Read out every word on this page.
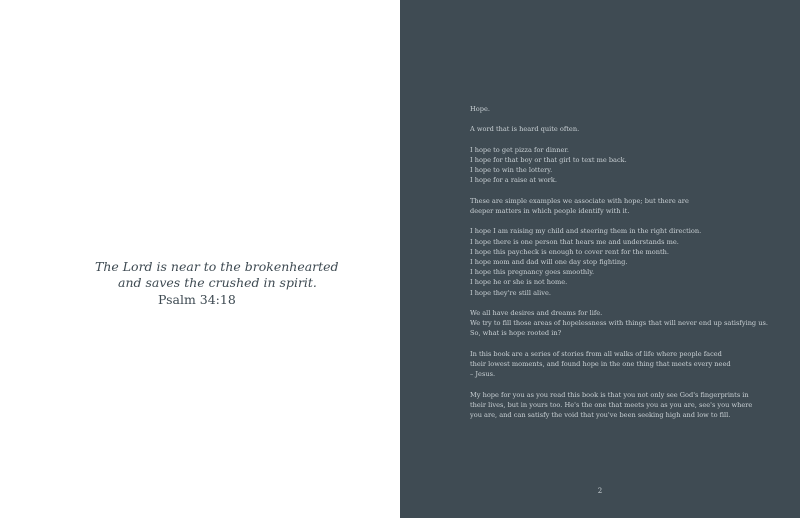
The Lord is near to the brokenhearted
and saves the crushed in spirit.
Psalm 34:18
Hope.
A word that is heard quite often.
I hope to get pizza for dinner.
I hope for that boy or that girl to text me back.
I hope to win the lottery.
I hope for a raise at work.
These are simple examples we associate with hope; but there are
deeper matters in which people identify with it.
I hope I am raising my child and steering them in the right direction.
I hope there is one person that hears me and understands me.
I hope this paycheck is enough to cover rent for the month.
I hope mom and dad will one day stop fighting.
I hope this pregnancy goes smoothly.
I hope he or she is not home.
I hope they're still alive.
We all have desires and dreams for life.
We try to fill those areas of hopelessness with things that will never end up satisfying us.
So, what is hope rooted in?
In this book are a series of stories from all walks of life where people faced
their lowest moments, and found hope in the one thing that meets every need
– Jesus.
My hope for you as you read this book is that you not only see God's fingerprints in
their lives, but in yours too. He's the one that meets you as you are, see's you where
you are, and can satisfy the void that you've been seeking high and low to fill.
2
